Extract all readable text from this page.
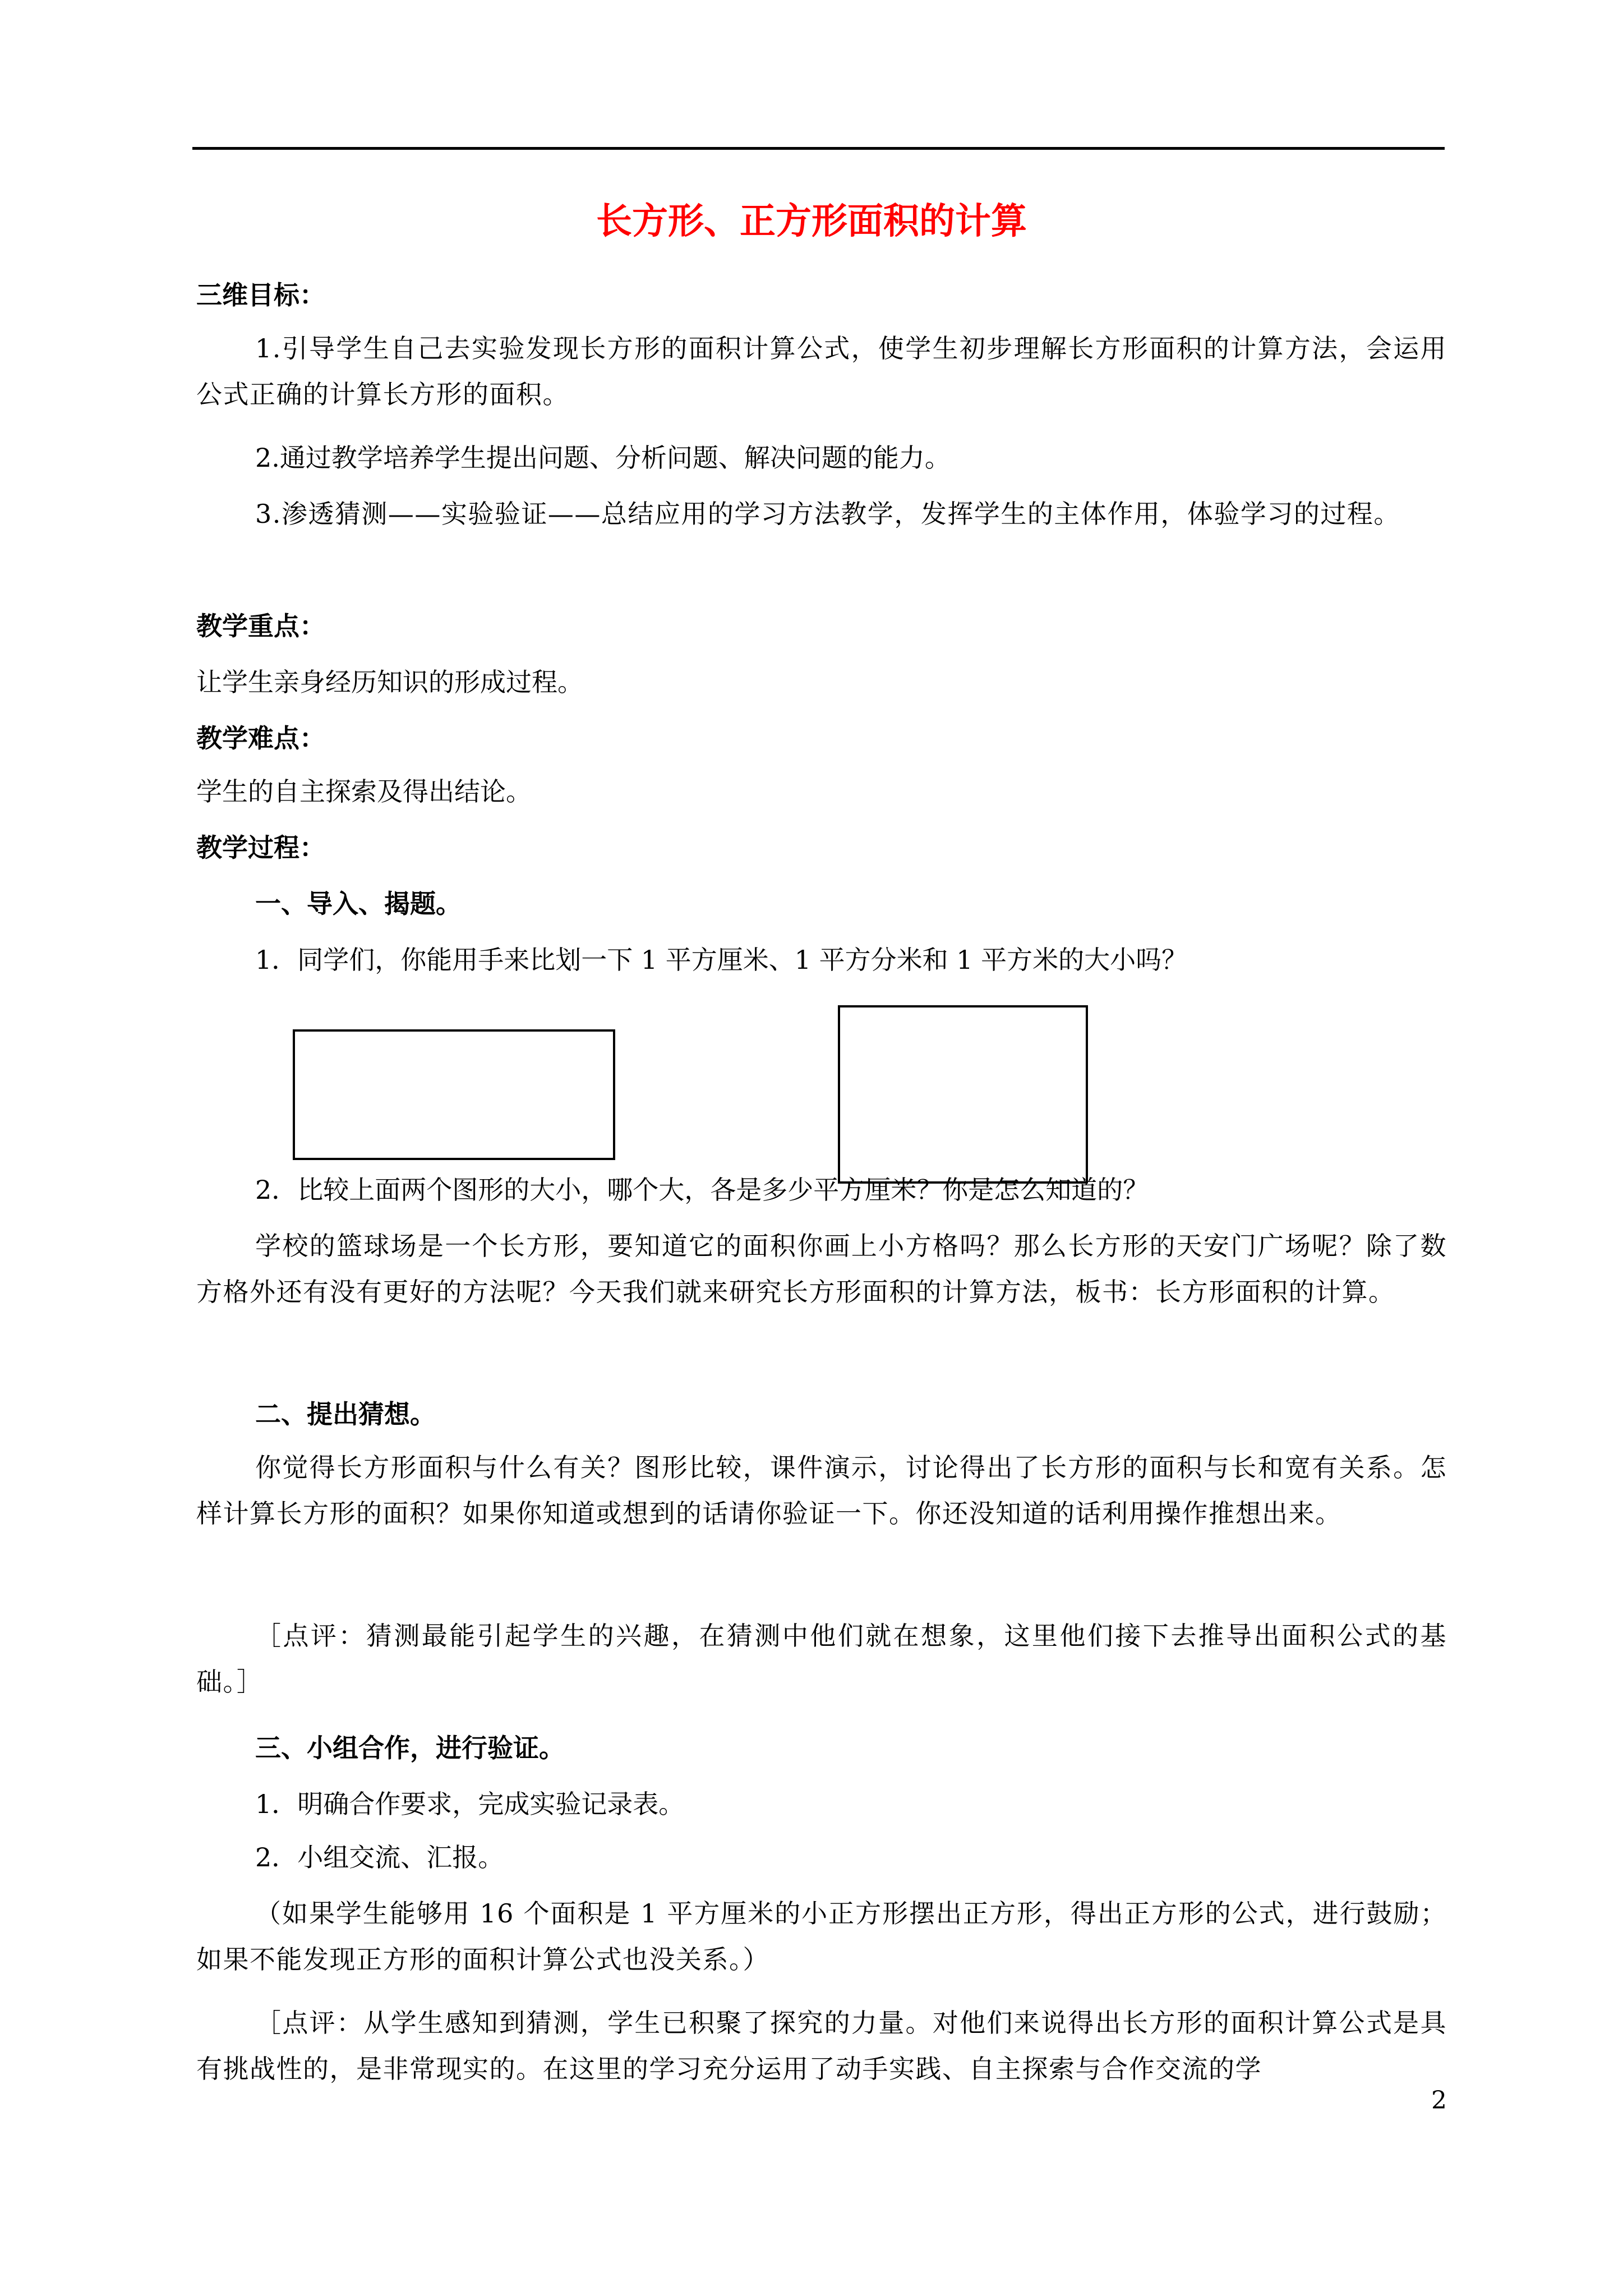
长方形、正方形面积的计算
三维目标：
1.引导学生自己去实验发现长方形的面积计算公式，使学生初步理解长方形面积的计算方法，会运用公式正确的计算长方形的面积。
2.通过教学培养学生提出问题、分析问题、解决问题的能力。
3.渗透猜测——实验验证——总结应用的学习方法教学，发挥学生的主体作用，体验学习的过程。
教学重点：
让学生亲身经历知识的形成过程。
教学难点：
学生的自主探索及得出结论。
教学过程：
一、导入、揭题。
1．同学们，你能用手来比划一下 1 平方厘米、1 平方分米和 1 平方米的大小吗？
2．比较上面两个图形的大小，哪个大，各是多少平方厘米？你是怎么知道的？
学校的篮球场是一个长方形，要知道它的面积你画上小方格吗？那么长方形的天安门广场呢？除了数方格外还有没有更好的方法呢？今天我们就来研究长方形面积的计算方法，板书：长方形面积的计算。
二、提出猜想。
你觉得长方形面积与什么有关？图形比较，课件演示，讨论得出了长方形的面积与长和宽有关系。怎样计算长方形的面积？如果你知道或想到的话请你验证一下。你还没知道的话利用操作推想出来。
［点评：猜测最能引起学生的兴趣，在猜测中他们就在想象，这里他们接下去推导出面积公式的基础。］
三、小组合作，进行验证。
1．明确合作要求，完成实验记录表。
2．小组交流、汇报。
（如果学生能够用 16 个面积是 1 平方厘米的小正方形摆出正方形，得出正方形的公式，进行鼓励；如果不能发现正方形的面积计算公式也没关系。）
［点评：从学生感知到猜测，学生已积聚了探究的力量。对他们来说得出长方形的面积计算公式是具有挑战性的，是非常现实的。在这里的学习充分运用了动手实践、自主探索与合作交流的学
2
